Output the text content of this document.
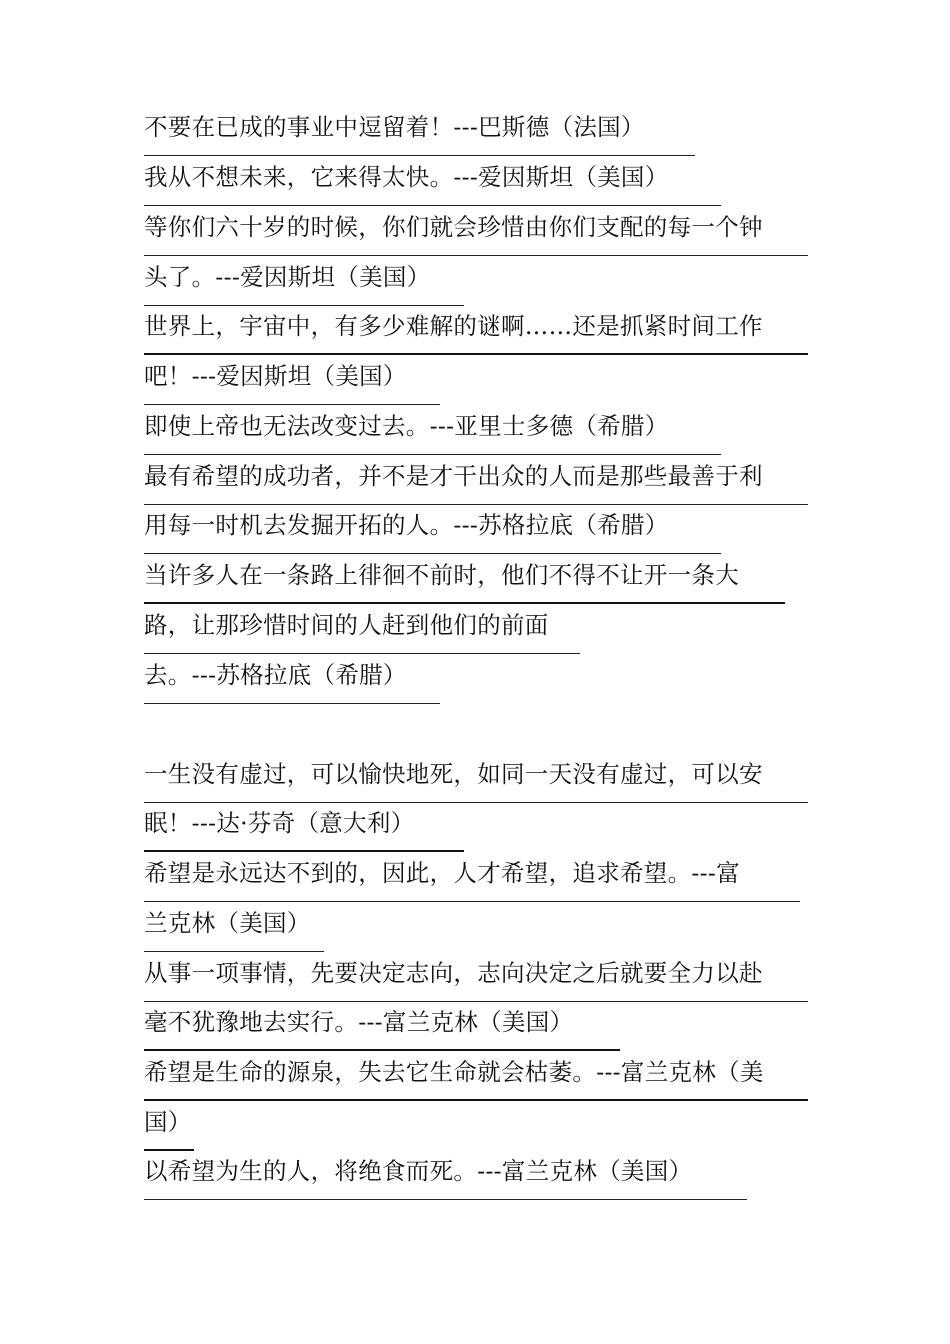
不要在已成的事业中逗留着！---巴斯德（法国）
我从不想未来，它来得太快。---爱因斯坦（美国）
等你们六十岁的时候，你们就会珍惜由你们支配的每一个钟
头了。---爱因斯坦（美国）
世界上，宇宙中，有多少难解的谜啊……还是抓紧时间工作
吧！---爱因斯坦（美国）
即使上帝也无法改变过去。---亚里士多德（希腊）
最有希望的成功者，并不是才干出众的人而是那些最善于利
用每一时机去发掘开拓的人。---苏格拉底（希腊）
当许多人在一条路上徘徊不前时，他们不得不让开一条大
路，让那珍惜时间的人赶到他们的前面
去。---苏格拉底（希腊）
一生没有虚过，可以愉快地死，如同一天没有虚过，可以安
眠！---达·芬奇（意大利）
希望是永远达不到的，因此，人才希望，追求希望。---富
兰克林（美国）
从事一项事情，先要决定志向，志向决定之后就要全力以赴
毫不犹豫地去实行。---富兰克林（美国）
希望是生命的源泉，失去它生命就会枯萎。---富兰克林（美
国）
以希望为生的人，将绝食而死。---富兰克林（美国）
